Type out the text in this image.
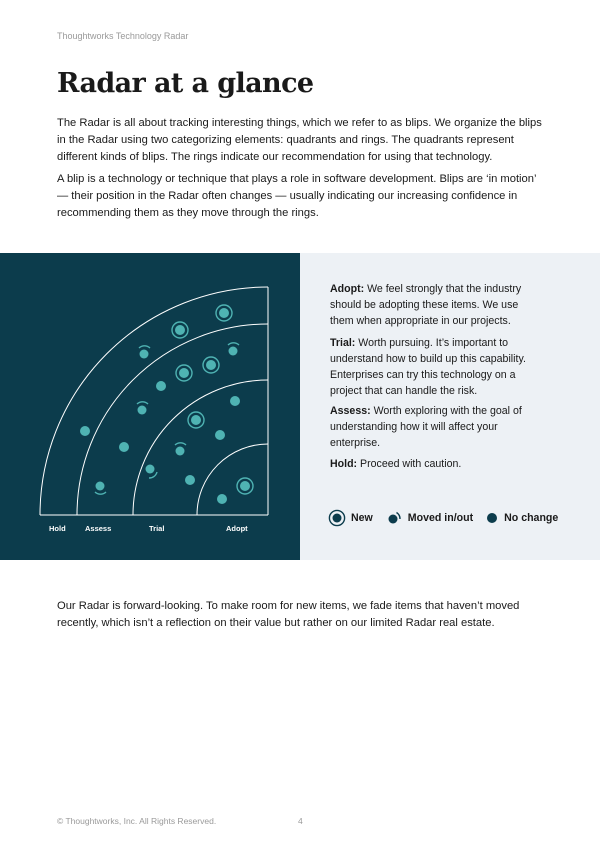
Thoughtworks Technology Radar
Radar at a glance

The Radar is all about tracking interesting things, which we refer to as blips. We organize the blips in the Radar using two categorizing elements: quadrants and rings. The quadrants represent different kinds of blips. The rings indicate our recommendation for using that technology.

A blip is a technology or technique that plays a role in software development. Blips are ‘in motion’ — their position in the Radar often changes — usually indicating our increasing confidence in recommending them as they move through the rings.

Hold	Assess	Trial	Adopt

Adopt: We feel strongly that the industry should be adopting these items. We use them when appropriate in our projects.

Trial: Worth pursuing. It’s important to understand how to build up this capability. Enterprises can try this technology on a project that can handle the risk.

Assess: Worth exploring with the goal of understanding how it will affect your enterprise.

Hold: Proceed with caution.

New	Moved in/out	No change

Our Radar is forward-looking. To make room for new items, we fade items that haven’t moved recently, which isn’t a reflection on their value but rather on our limited Radar real estate.

© Thoughtworks, Inc. All Rights Reserved.	4
